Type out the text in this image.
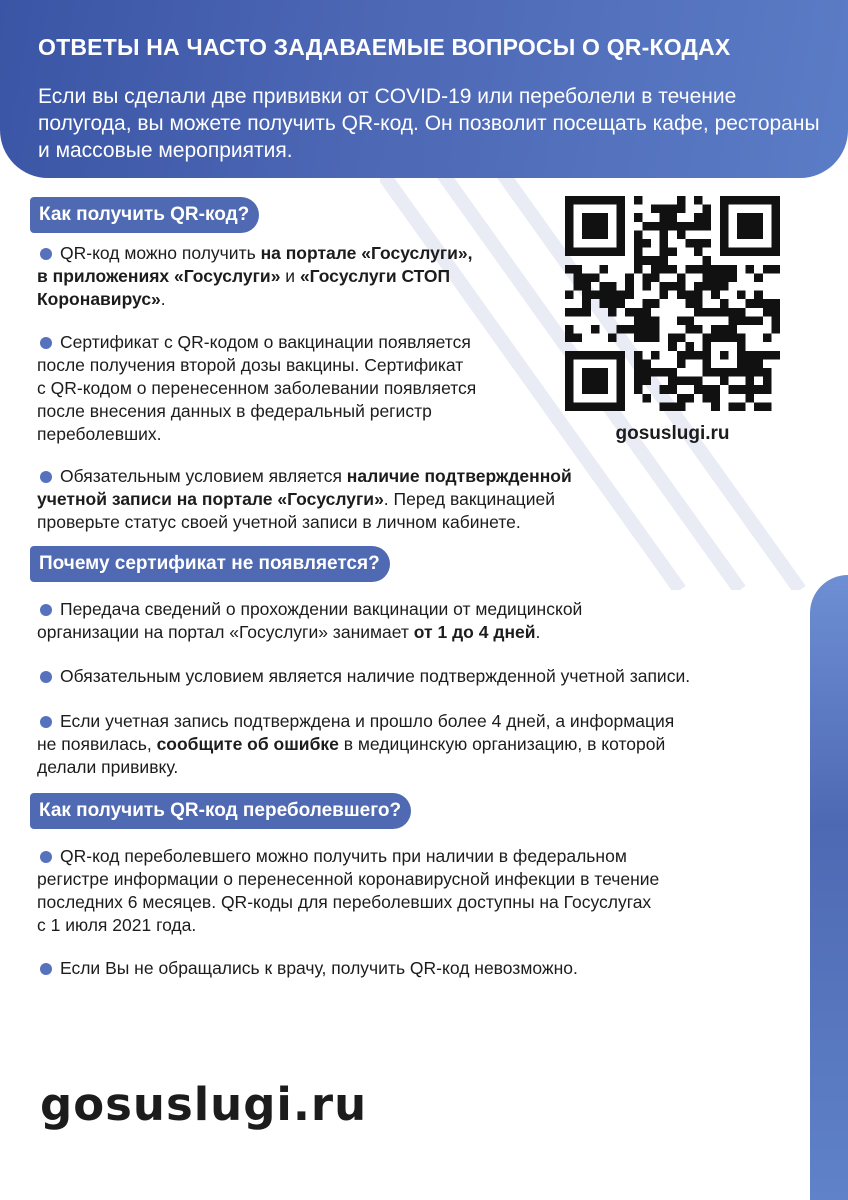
ОТВЕТЫ НА ЧАСТО ЗАДАВАЕМЫЕ ВОПРОСЫ О QR-КОДАХ

Если вы сделали две прививки от COVID-19 или переболели в течение полугода, вы можете получить QR-код. Он позволит посещать кафе, рестораны и массовые мероприятия.

Как получить QR-код?

QR-код можно получить на портале «Госуслуги»,
в приложениях «Госуслуги» и «Госуслуги СТОП
Коронавирус».

Сертификат с QR-кодом о вакцинации появляется
после получения второй дозы вакцины. Сертификат
с QR-кодом о перенесенном заболевании появляется
после внесения данных в федеральный регистр
переболевших.

Обязательным условием является наличие подтвержденной
учетной записи на портале «Госуслуги». Перед вакцинацией
проверьте статус своей учетной записи в личном кабинете.

gosuslugi.ru

Почему сертификат не появляется?

Передача сведений о прохождении вакцинации от медицинской
организации на портал «Госуслуги» занимает от 1 до 4 дней.

Обязательным условием является наличие подтвержденной учетной записи.

Если учетная запись подтверждена и прошло более 4 дней, а информация
не появилась, сообщите об ошибке в медицинскую организацию, в которой
делали прививку.

Как получить QR-код переболевшего?

QR-код переболевшего можно получить при наличии в федеральном
регистре информации о перенесенной коронавирусной инфекции в течение
последних 6 месяцев. QR-коды для переболевших доступны на Госуслугах
с 1 июля 2021 года.

Если Вы не обращались к врачу, получить QR-код невозможно.

gosuslugi.ru
